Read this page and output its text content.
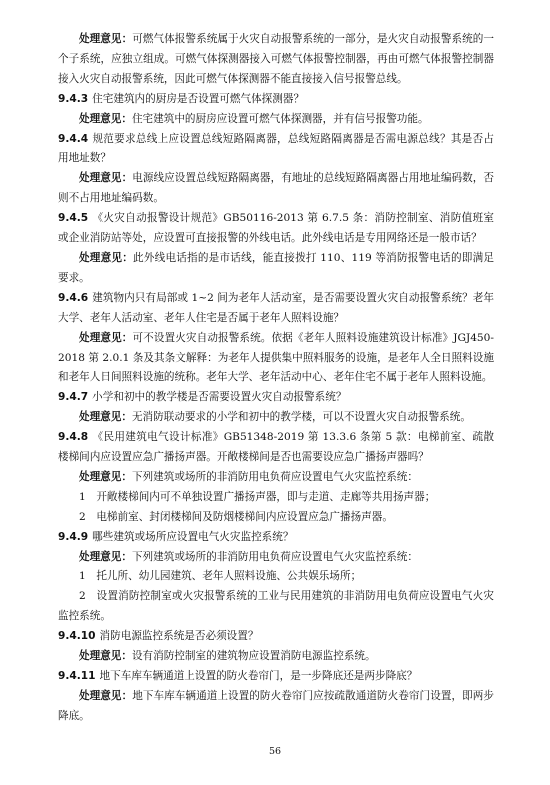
处理意见：可燃气体报警系统属于火灾自动报警系统的一部分，是火灾自动报警系统的一个子系统，应独立组成。可燃气体探测器接入可燃气体报警控制器，再由可燃气体报警控制器接入火灾自动报警系统，因此可燃气体探测器不能直接接入信号报警总线。

9.4.3 住宅建筑内的厨房是否设置可燃气体探测器？

处理意见：住宅建筑中的厨房应设置可燃气体探测器，并有信号报警功能。

9.4.4 规范要求总线上应设置总线短路隔离器，总线短路隔离器是否需电源总线？其是否占用地址数？

处理意见：电源线应设置总线短路隔离器，有地址的总线短路隔离器占用地址编码数，否则不占用地址编码数。

9.4.5 《火灾自动报警设计规范》GB50116-2013 第 6.7.5 条：消防控制室、消防值班室或企业消防站等处，应设置可直接报警的外线电话。此外线电话是专用网络还是一般市话？

处理意见：此外线电话指的是市话线，能直接拨打 110、119 等消防报警电话的即满足要求。

9.4.6 建筑物内只有局部或 1~2 间为老年人活动室，是否需要设置火灾自动报警系统？老年大学、老年人活动室、老年人住宅是否属于老年人照料设施？

处理意见：可不设置火灾自动报警系统。依据《老年人照料设施建筑设计标准》JGJ450-2018 第 2.0.1 条及其条文解释：为老年人提供集中照料服务的设施，是老年人全日照料设施和老年人日间照料设施的统称。老年大学、老年活动中心、老年住宅不属于老年人照料设施。

9.4.7 小学和初中的教学楼是否需要设置火灾自动报警系统？

处理意见：无消防联动要求的小学和初中的教学楼，可以不设置火灾自动报警系统。

9.4.8 《民用建筑电气设计标准》GB51348-2019 第 13.3.6 条第 5 款：电梯前室、疏散楼梯间内应设置应急广播扬声器。开敞楼梯间是否也需要设应急广播扬声器吗？

处理意见：下列建筑或场所的非消防用电负荷应设置电气火灾监控系统：

1　开敞楼梯间内可不单独设置广播扬声器，即与走道、走廊等共用扬声器；

2　电梯前室、封闭楼梯间及防烟楼梯间内应设置应急广播扬声器。

9.4.9 哪些建筑或场所应设置电气火灾监控系统？

处理意见：下列建筑或场所的非消防用电负荷应设置电气火灾监控系统：

1　托儿所、幼儿园建筑、老年人照料设施、公共娱乐场所；

2　设置消防控制室或火灾报警系统的工业与民用建筑的非消防用电负荷应设置电气火灾监控系统。

9.4.10 消防电源监控系统是否必须设置？

处理意见：设有消防控制室的建筑物应设置消防电源监控系统。

9.4.11 地下车库车辆通道上设置的防火卷帘门，是一步降底还是两步降底？

处理意见：地下车库车辆通道上设置的防火卷帘门应按疏散通道防火卷帘门设置，即两步降底。

56
